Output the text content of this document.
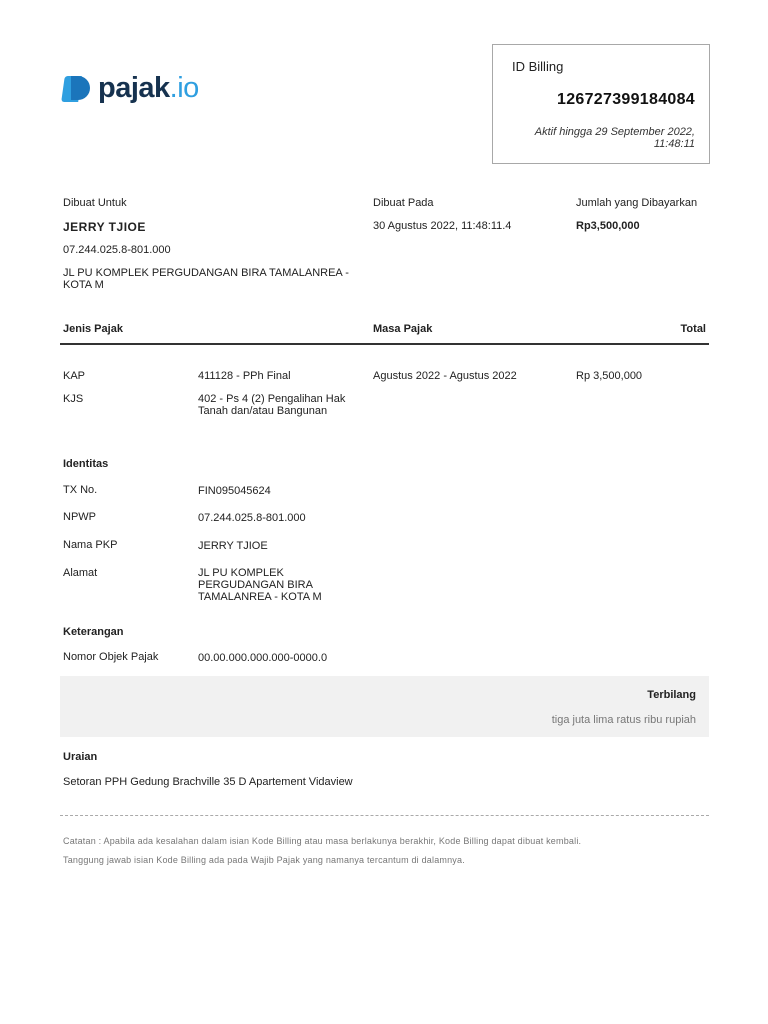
pajak.io
ID Billing
126727399184084
Aktif hingga 29 September 2022, 11:48:11
Dibuat Untuk
JERRY TJIOE
07.244.025.8-801.000
JL PU KOMPLEK PERGUDANGAN BIRA TAMALANREA - KOTA M
Dibuat Pada
30 Agustus 2022, 11:48:11.4
Jumlah yang Dibayarkan
Rp3,500,000
Jenis Pajak	Masa Pajak	Total
KAP	411128 - PPh Final	Agustus 2022 - Agustus 2022	Rp 3,500,000
KJS	402 - Ps 4 (2) Pengalihan Hak Tanah dan/atau Bangunan
Identitas
TX No.	FIN095045624
NPWP	07.244.025.8-801.000
Nama PKP	JERRY TJIOE
Alamat	JL PU KOMPLEK PERGUDANGAN BIRA TAMALANREA - KOTA M
Keterangan
Nomor Objek Pajak	00.00.000.000.000-0000.0
Terbilang
tiga juta lima ratus ribu rupiah
Uraian
Setoran PPH Gedung Brachville 35 D Apartement Vidaview
Catatan : Apabila ada kesalahan dalam isian Kode Billing atau masa berlakunya berakhir, Kode Billing dapat dibuat kembali.
Tanggung jawab isian Kode Billing ada pada Wajib Pajak yang namanya tercantum di dalamnya.
